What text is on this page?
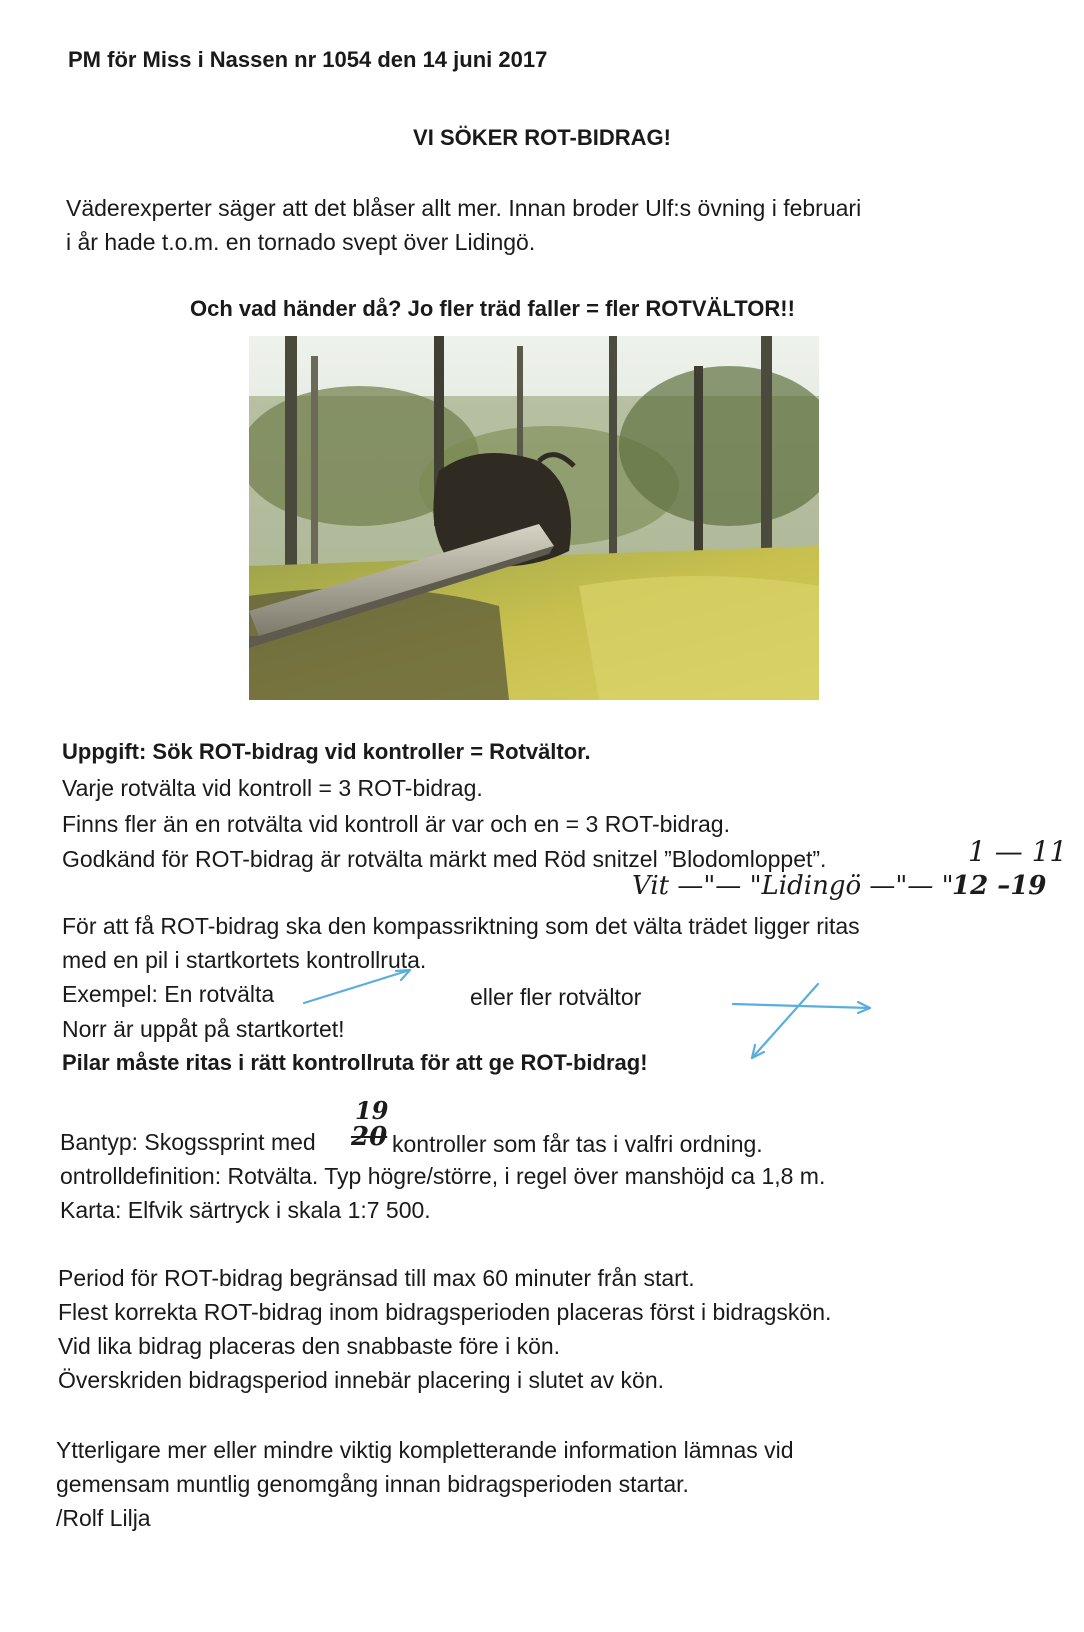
PM för Miss i Nassen nr 1054 den 14 juni 2017
VI SÖKER ROT-BIDRAG!
Väderexperter säger att det blåser allt mer. Innan broder Ulf:s övning i februari
i år hade t.o.m. en tornado svept över Lidingö.
Och vad händer då? Jo fler träd faller = fler ROTVÄLTOR!!
Uppgift: Sök ROT-bidrag vid kontroller = Rotvältor.
Varje rotvälta vid kontroll = 3 ROT-bidrag.
Finns fler än en rotvälta vid kontroll är var och en = 3 ROT-bidrag.
Godkänd för ROT-bidrag är rotvälta märkt med Röd snitzel ”Blodomloppet”.	1 — 11
Vit —"— "Lidingö —"— "
12 –19
För att få ROT-bidrag ska den kompassriktning som det välta trädet ligger ritas
med en pil i startkortets kontrollruta.
Exempel: En rotvälta	eller fler rotvältor
Norr är uppåt på startkortet!
Pilar måste ritas i rätt kontrollruta för att ge ROT-bidrag!
Bantyp: Skogssprint med 20
19
kontroller som får tas i valfri ordning.
ontrolldefinition: Rotvälta. Typ högre/större, i regel över manshöjd ca 1,8 m.
Karta: Elfvik särtryck i skala 1:7 500.
Period för ROT-bidrag begränsad till max 60 minuter från start.
Flest korrekta ROT-bidrag inom bidragsperioden placeras först i bidragskön.
Vid lika bidrag placeras den snabbaste före i kön.
Överskriden bidragsperiod innebär placering i slutet av kön.
Ytterligare mer eller mindre viktig kompletterande information lämnas vid
gemensam muntlig genomgång innan bidragsperioden startar.
/Rolf Lilja
